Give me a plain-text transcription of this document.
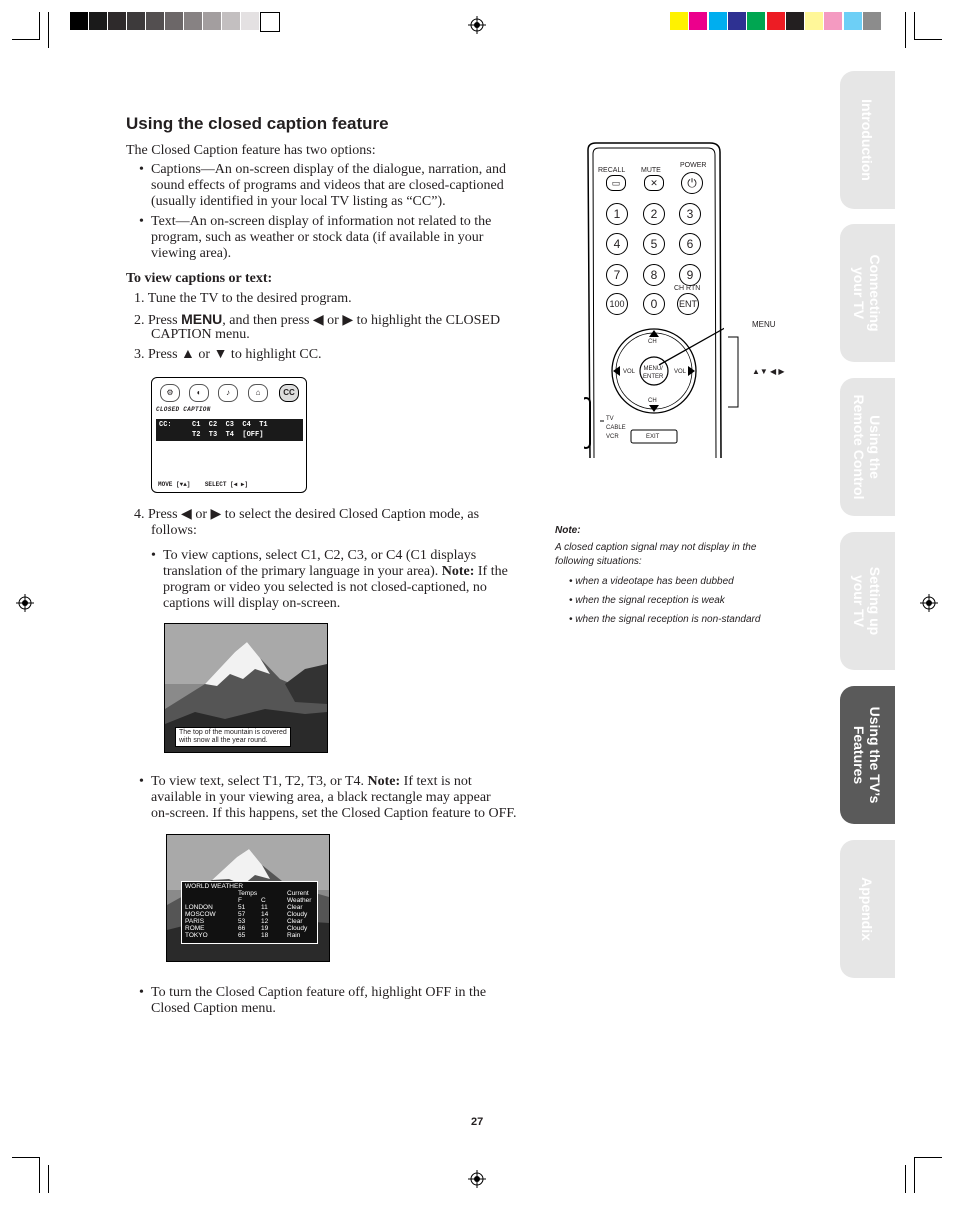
Using the closed caption feature
The Closed Caption feature has two options:
• Captions—An on-screen display of the dialogue, narration, and
sound effects of programs and videos that are closed-captioned
(usually identified in your local TV listing as “CC”).
• Text—An on-screen display of information not related to the
program, such as weather or stock data (if available in your
viewing area).
To view captions or text:
1. Tune the TV to the desired program.
2. Press MENU, and then press ◀ or ▶ to highlight the CLOSED
CAPTION menu.
3. Press ▲ or ▼ to highlight CC.
⚙	◐	♪	⌂	CC
CLOSED CAPTION
CC:	C1  C2  C3  C4  T1
T2  T3  T4  [OFF]
MOVE [▼▲] SELECT [◀ ▶]
4. Press ◀ or ▶ to select the desired Closed Caption mode, as
follows:
• To view captions, select C1, C2, C3, or C4 (C1 displays
translation of the primary language in your area). Note: If the
program or video you selected is not closed-captioned, no
captions will display on-screen.
The top of the mountain is covered
with snow all the year round.
• To view text, select T1, T2, T3, or T4. Note: If text is not
available in your viewing area, a black rectangle may appear
on-screen. If this happens, set the Closed Caption feature to OFF.
WORLD WEATHER
Temps
F	C
Current
Weather
LONDON	51 11	Clear
MOSCOW	57 14	Cloudy
PARIS	53 12	Clear
ROME	66 19	Cloudy
TOKYO	65 18	Rain
• To turn the Closed Caption feature off, highlight OFF in the
Closed Caption menu.
RECALL MUTE
POWER
▭	✕	⏻
1	2	3
4	5	6
7	8	9
CH RTN
100	0	ENT
CH
CH
VOL	VOL
MENU/
ENTER
TV
CABLE
VCR	EXIT
MENU
▲▼ ◀ ▶
Note:
A closed caption signal may not display in the
following situations:
• when a videotape has been dubbed
• when the signal reception is weak
• when the signal reception is non-standard
Introduction
Connecting
your TV
Using the
Remote Control
Setting up
your TV
Using the TV’s
Features
Appendix
27
